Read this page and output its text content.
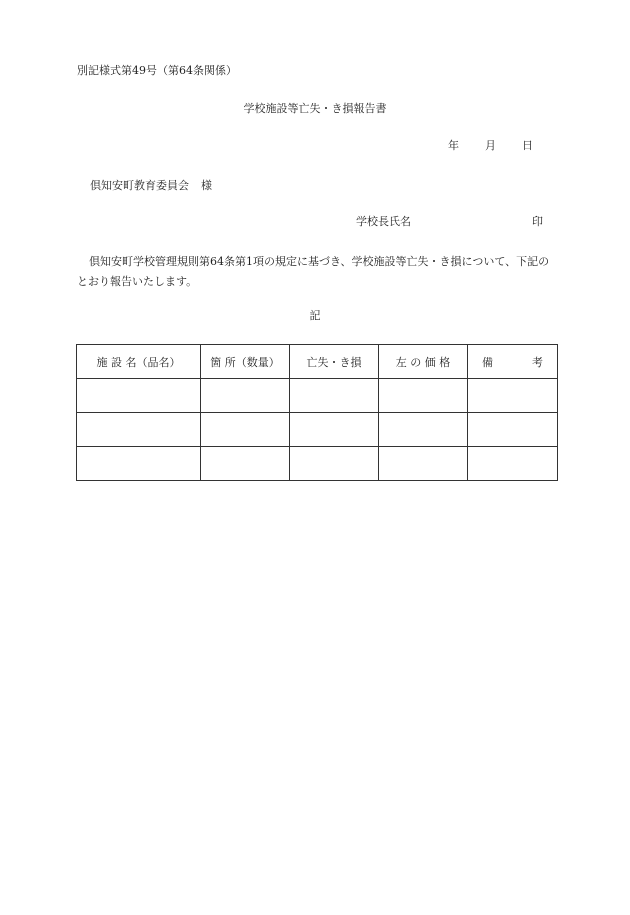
別記様式第49号（第64条関係）
学校施設等亡失・き損報告書
年 月 日
倶知安町教育委員会 様
学校長氏名	印
倶知安町学校管理規則第64条第1項の規定に基づき、学校施設等亡失・き損について、下記のとおり報告いたします。
記
施 設 名（品名）	箇 所（数量）	亡失・き損	左 の 価 格	備　　考
